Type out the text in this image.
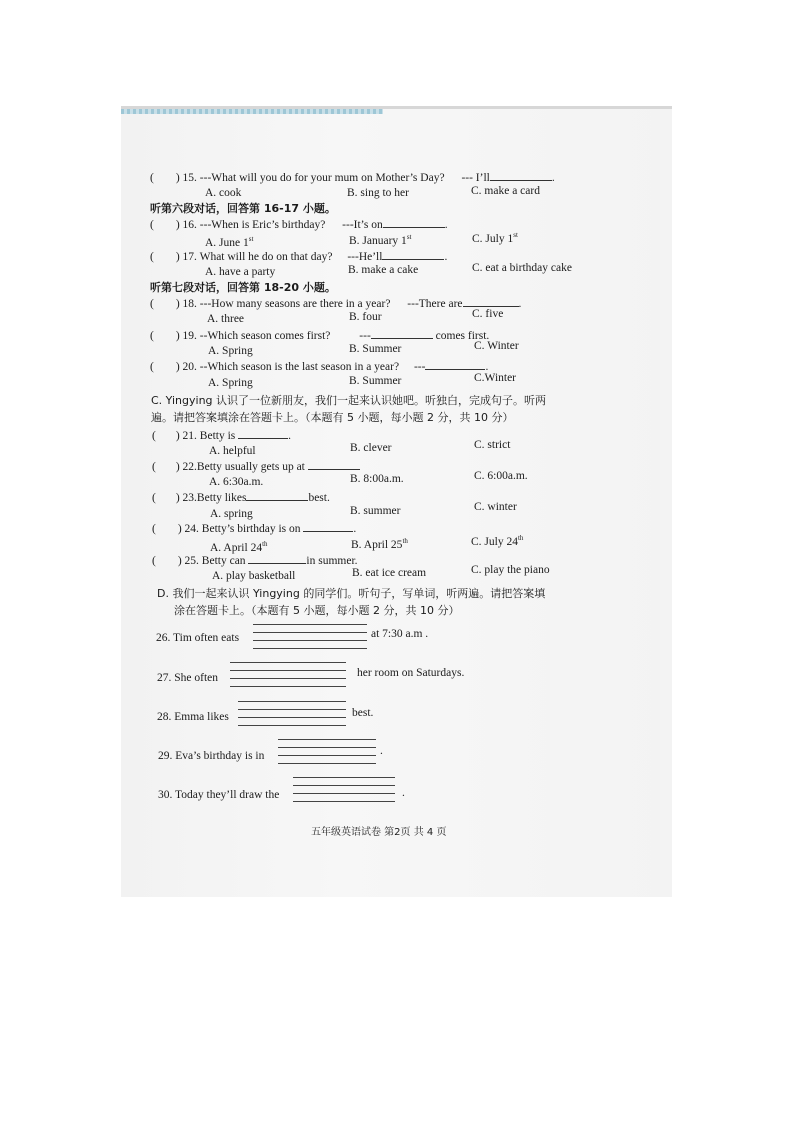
( ) 15. ---What will you do for your mum on Mother’s Day? --- I’ll	.
A. cook	B. sing to her	C. make a card
听第六段对话，回答第 16-17 小题。
( ) 16. ---When is Eric’s birthday? ---It’s on	.
A. June 1st	B. January 1st	C. July 1st
( ) 17. What will he do on that day? ---He’ll	.
A. have a party	B. make a cake	C. eat a birthday cake
听第七段对话，回答第 18-20 小题。
( ) 18. ---How many seasons are there in a year? ---There are	.
A. three	B. four	C. five
( ) 19. --Which season comes first?	---	comes first.
A. Spring	B. Summer	C. Winter
( ) 20. --Which season is the last season in a year? ---	.
A. Spring	B. Summer	C.Winter
C. Yingying 认识了一位新朋友，我们一起来认识她吧。听独白，完成句子。听两
遍。请把答案填涂在答题卡上。（本题有 5 小题，每小题 2 分，共 10 分）
( ) 21. Betty is	.
A. helpful	B. clever	C. strict
( ) 22.Betty usually gets up at
A. 6:30a.m.	B. 8:00a.m.	C. 6:00a.m.
( ) 23.Betty likes	best.
A. spring	B. summer	C. winter
( ) 24. Betty’s birthday is on	.
A. April 24th	B. April 25th	C. July 24th
( ) 25. Betty can	in summer.
A. play basketball	B. eat ice cream	C. play the piano
D. 我们一起来认识 Yingying 的同学们。听句子，写单词，听两遍。请把答案填
涂在答题卡上。（本题有 5 小题，每小题 2 分，共 10 分）
26. Tim often eats	at 7:30 a.m .
27. She often	her room on Saturdays.
28. Emma likes	best.
29. Eva’s birthday is in	.
30. Today they’ll draw the	.
五年级英语试卷 第2页 共 4 页
